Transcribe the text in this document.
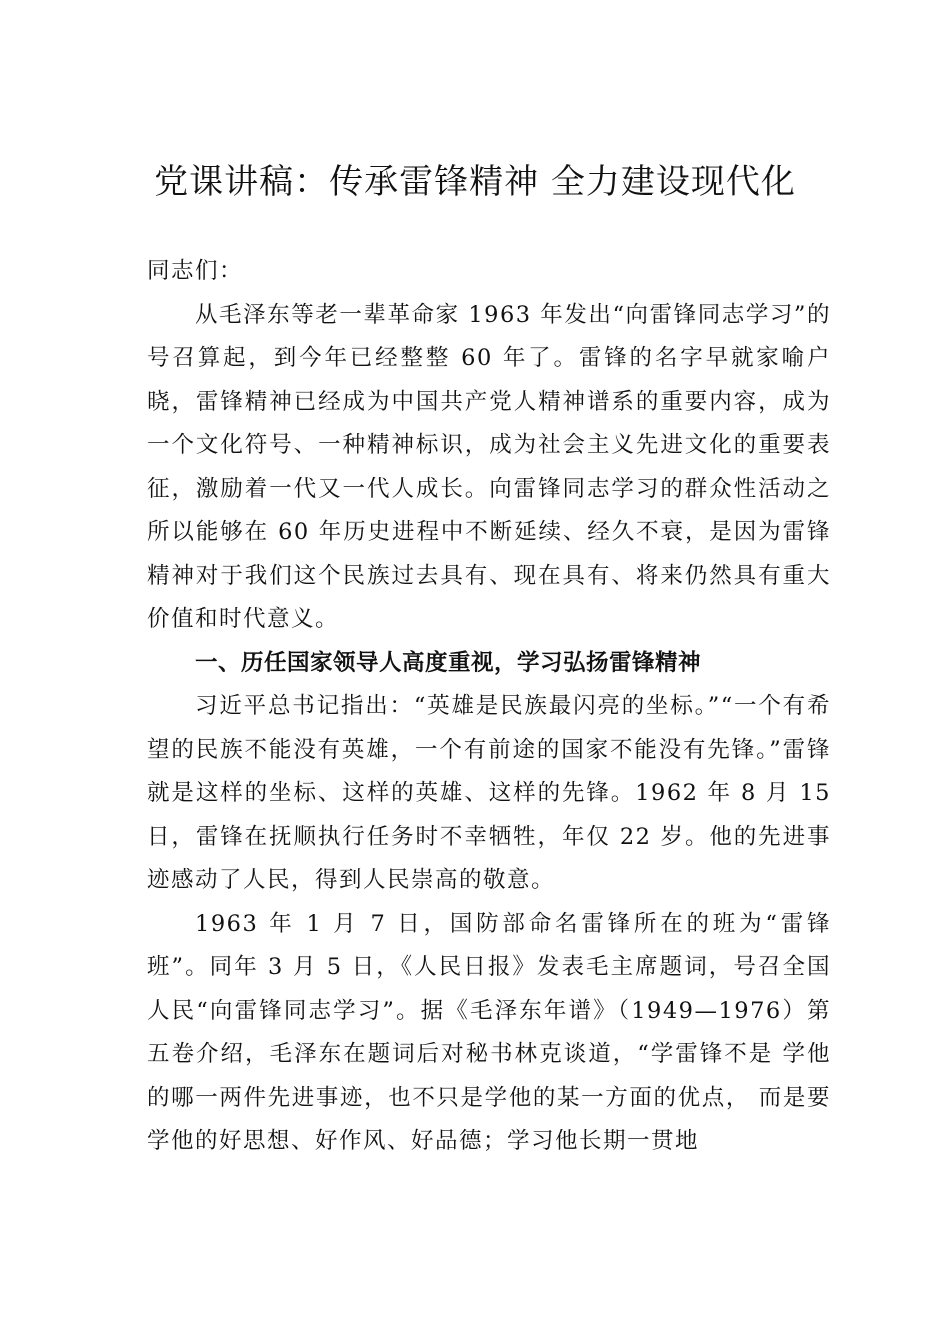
党课讲稿：传承雷锋精神 全力建设现代化

同志们：

从毛泽东等老一辈革命家 1963 年发出“向雷锋同志学习”的号召算起，到今年已经整整 60 年了。雷锋的名字早就家喻户晓，雷锋精神已经成为中国共产党人精神谱系的重要内容，成为一个文化符号、一种精神标识，成为社会主义先进文化的重要表征，激励着一代又一代人成长。向雷锋同志学习的群众性活动之所以能够在 60 年历史进程中不断延续、经久不衰，是因为雷锋精神对于我们这个民族过去具有、现在具有、将来仍然具有重大价值和时代意义。

一、历任国家领导人高度重视，学习弘扬雷锋精神

习近平总书记指出：“英雄是民族最闪亮的坐标。”“一个有希望的民族不能没有英雄，一个有前途的国家不能没有先锋。”雷锋就是这样的坐标、这样的英雄、这样的先锋。1962 年 8 月 15 日，雷锋在抚顺执行任务时不幸牺牲，年仅 22 岁。他的先进事迹感动了人民，得到人民崇高的敬意。

1963 年 1 月 7 日，国防部命名雷锋所在的班为“雷锋班”。同年 3 月 5 日，《人民日报》发表毛主席题词，号召全国人民“向雷锋同志学习”。据《毛泽东年谱》（1949—1976）第五卷介绍，毛泽东在题词后对秘书林克谈道，“学雷锋不是 学他的哪一两件先进事迹，也不只是学他的某一方面的优点， 而是要学他的好思想、好作风、好品德；学习他长期一贯地
